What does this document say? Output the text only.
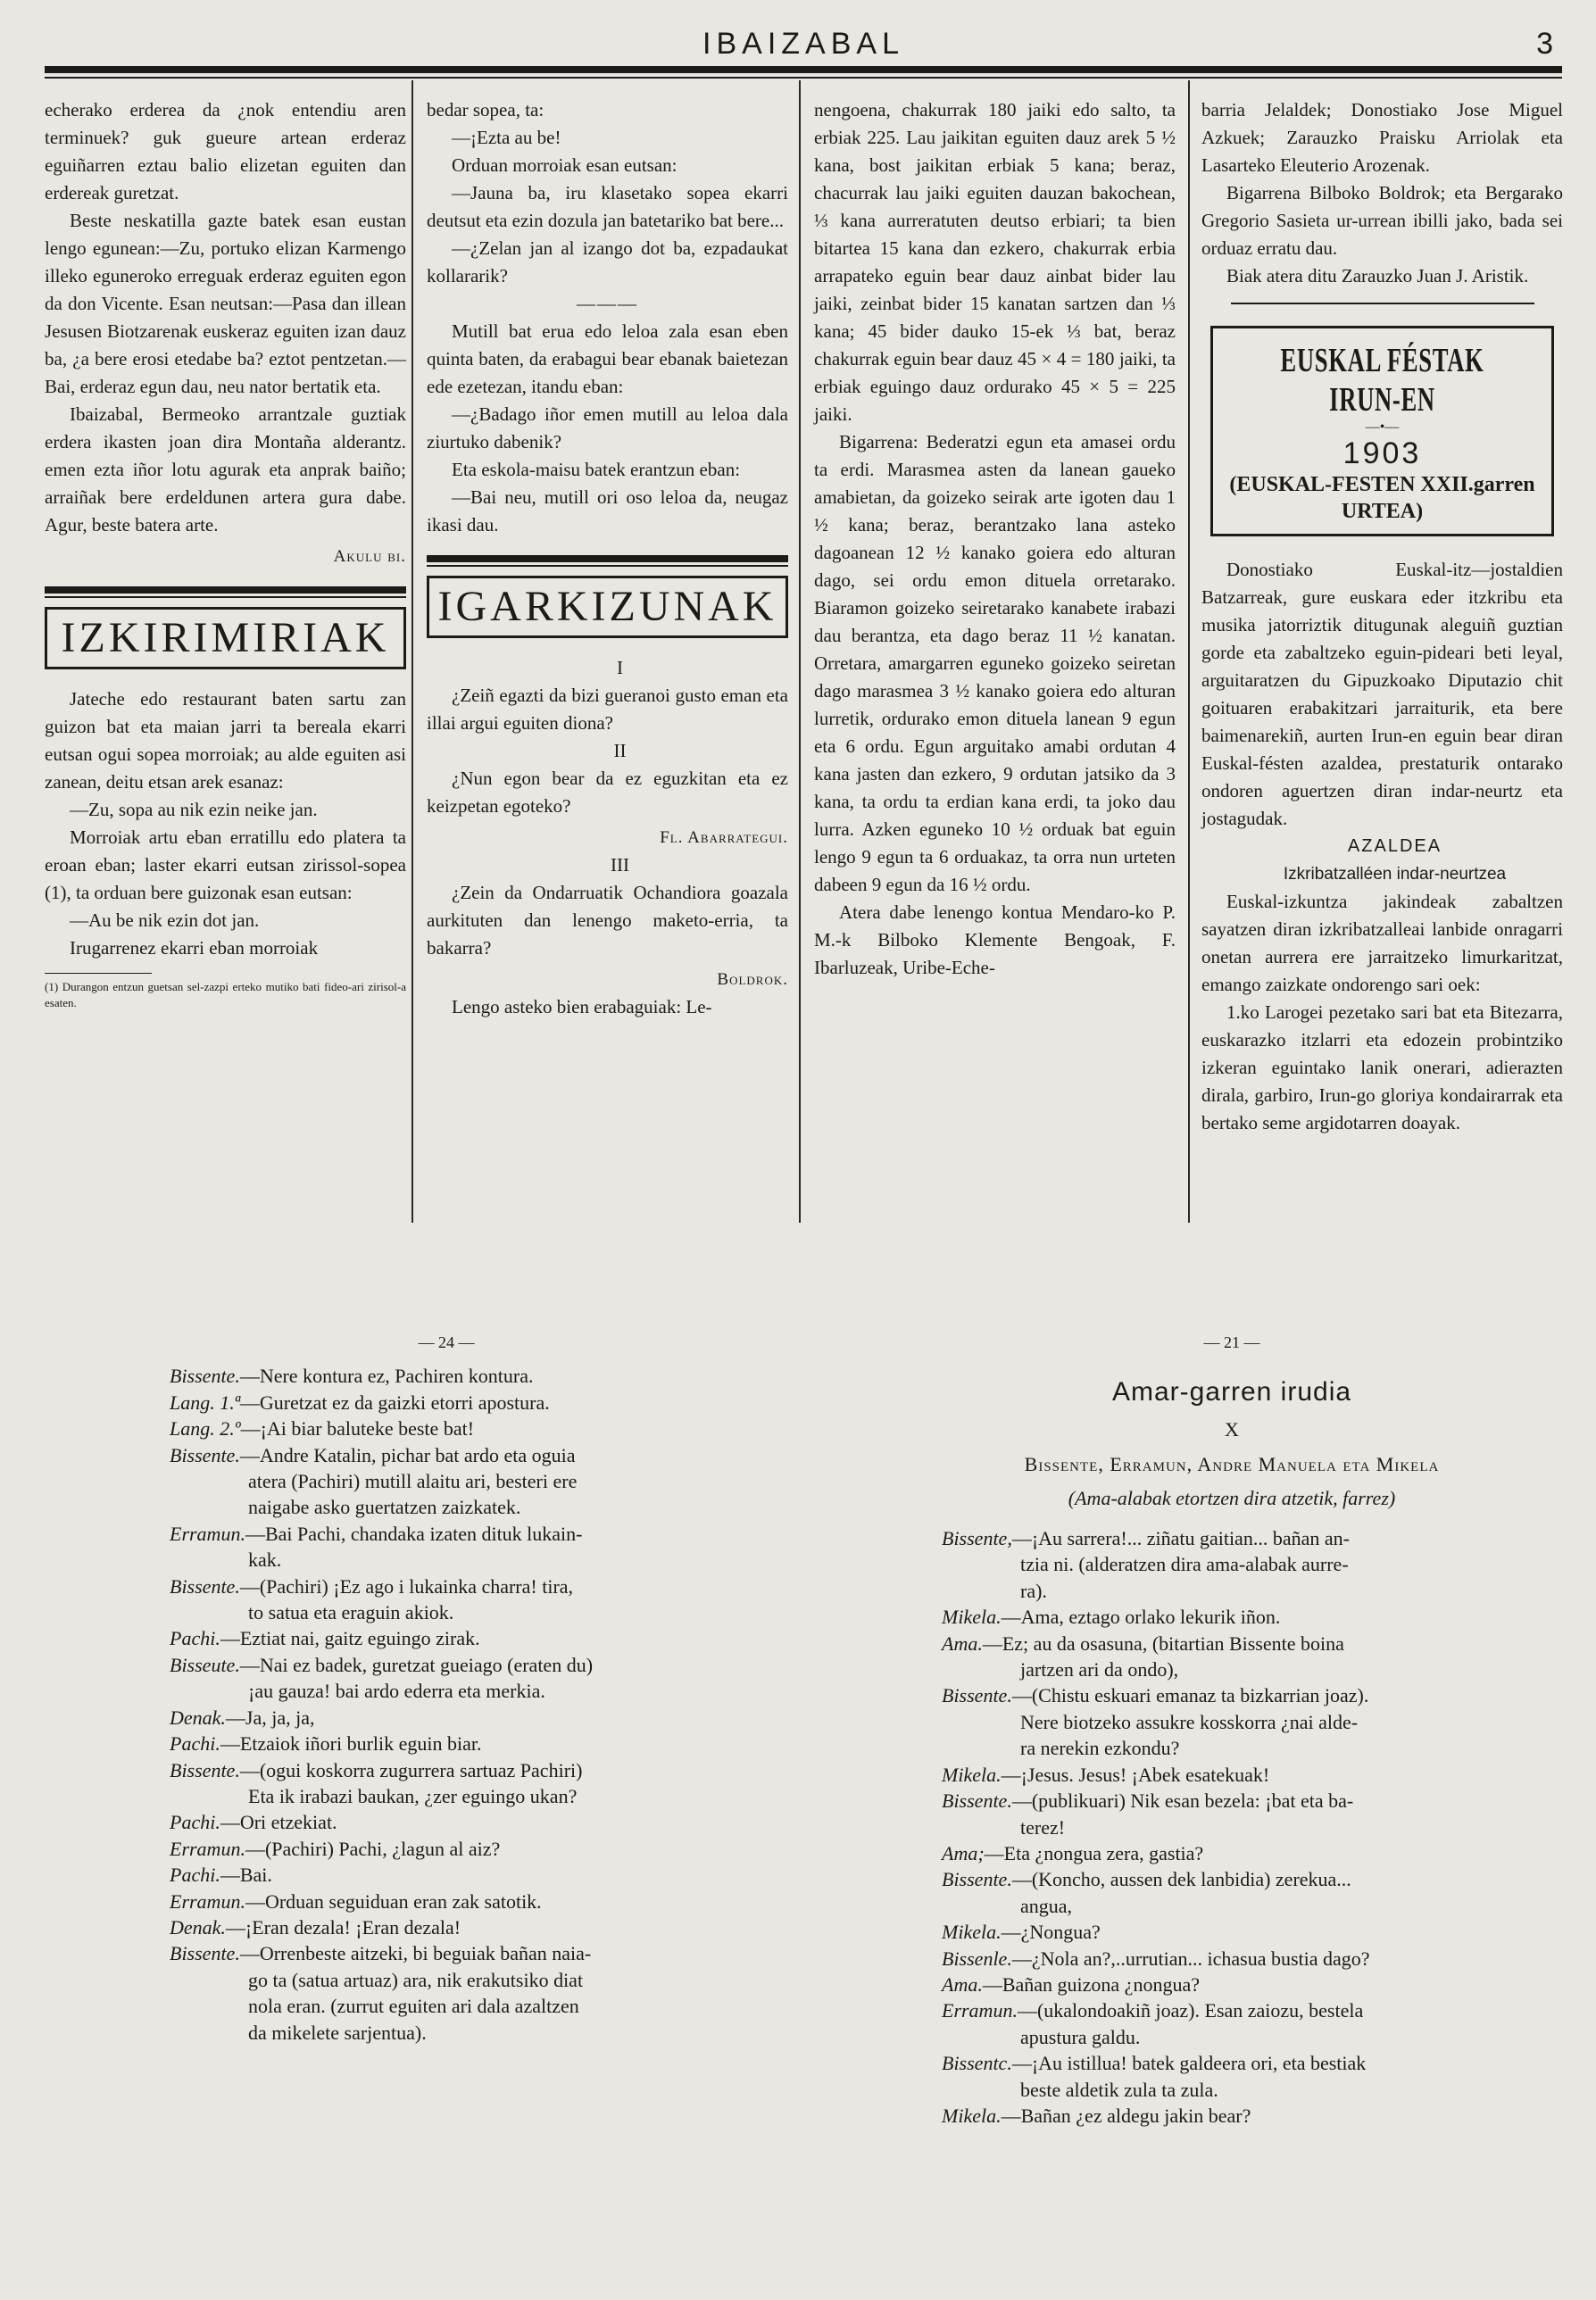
IBAIZABAL	3

echerako erderea da ¿nok entendiu aren terminuek? guk gueure artean erderaz eguiñarren eztau balio elizetan eguiten dan erdereak guretzat.

Beste neskatilla gazte batek esan eustan lengo egunean:—Zu, portuko elizan Karmengo illeko eguneroko erreguak erderaz eguiten egon da don Vicente. Esan neutsan:—Pasa dan illean Jesusen Biotzarenak euskeraz eguiten izan dauz ba, ¿a bere erosi etedabe ba? eztot pentzetan.—Bai, erderaz egun dau, neu nator bertatik eta.

Ibaizabal, Bermeoko arrantzale guztiak erdera ikasten joan dira Montaña alderantz. emen ezta iñor lotu agurak eta anprak baiño; arraiñak bere erdeldunen artera gura dabe. Agur, beste batera arte.

Akulu bi.
IZKIRIMIRIAK

Jateche edo restaurant baten sartu zan guizon bat eta maian jarri ta bereala ekarri eutsan ogui sopea morroiak; au alde eguiten asi zanean, deitu etsan arek esanaz:

—Zu, sopa au nik ezin neike jan.

Morroiak artu eban erratillu edo platera ta eroan eban; laster ekarri eutsan zirissol-sopea (1), ta orduan bere guizonak esan eutsan:

—Au be nik ezin dot jan.

Irugarrenez ekarri eban morroiak

(1) Durangon entzun guetsan sel-zazpi erteko mutiko bati fideo-ari zirisol-a esaten.

bedar sopea, ta:

—¡Ezta au be!

Orduan morroiak esan eutsan:

—Jauna ba, iru klasetako sopea ekarri deutsut eta ezin dozula jan batetariko bat bere...

—¿Zelan jan al izango dot ba, ezpadaukat kollararik?

———

Mutill bat erua edo leloa zala esan eben quinta baten, da erabagui bear ebanak baietezan ede ezetezan, itandu eban:

—¿Badago iñor emen mutill au leloa dala ziurtuko dabenik?

Eta eskola-maisu batek erantzun eban:

—Bai neu, mutill ori oso leloa da, neugaz ikasi dau.

IGARKIZUNAK

I

¿Zeiñ egazti da bizi gueranoi gusto eman eta illai argui eguiten diona?

II

¿Nun egon bear da ez eguzkitan eta ez keizpetan egoteko?

Fl. Abarrategui.

III

¿Zein da Ondarruatik Ochandiora goazala aurkituten dan lenengo maketo-erria, ta bakarra?

Boldrok.

Lengo asteko bien erabaguiak: Le-

nengoena, chakurrak 180 jaiki edo salto, ta erbiak 225. Lau jaikitan eguiten dauz arek 5 ½ kana, bost jaikitan erbiak 5 kana; beraz, chacurrak lau jaiki eguiten dauzan bakochean, ⅓ kana aurreratuten deutso erbiari; ta bien bitartea 15 kana dan ezkero, chakurrak erbia arrapateko eguin bear dauz ainbat bider lau jaiki, zeinbat bider 15 kanatan sartzen dan ⅓ kana; 45 bider dauko 15-ek ⅓ bat, beraz chakurrak eguin bear dauz 45 × 4 = 180 jaiki, ta erbiak eguingo dauz ordurako 45 × 5 = 225 jaiki.

Bigarrena: Bederatzi egun eta amasei ordu ta erdi. Marasmea asten da lanean gaueko amabietan, da goizeko seirak arte igoten dau 1 ½ kana; beraz, berantzako lana asteko dagoanean 12 ½ kanako goiera edo alturan dago, sei ordu emon dituela orretarako. Biaramon goizeko seiretarako kanabete irabazi dau berantza, eta dago beraz 11 ½ kanatan. Orretara, amargarren eguneko goizeko seiretan dago marasmea 3 ½ kanako goiera edo alturan lurretik, ordurako emon dituela lanean 9 egun eta 6 ordu. Egun arguitako amabi ordutan 4 kana jasten dan ezkero, 9 ordutan jatsiko da 3 kana, ta ordu ta erdian kana erdi, ta joko dau lurra. Azken eguneko 10 ½ orduak bat eguin lengo 9 egun ta 6 orduakaz, ta orra nun urteten dabeen 9 egun da 16 ½ ordu.

Atera dabe lenengo kontua Mendaro-ko P. M.-k Bilboko Klemente Bengoak, F. Ibarluzeak, Uribe-Eche-

barria Jelaldek; Donostiako Jose Miguel Azkuek; Zarauzko Praisku Arriolak eta Lasarteko Eleuterio Arozenak.

Bigarrena Bilboko Boldrok; eta Bergarako Gregorio Sasieta ur-urrean ibilli jako, bada sei orduaz erratu dau.

Biak atera ditu Zarauzko Juan J. Aristik.

EUSKAL FÉSTAK IRUN-EN
—•—
1903
(EUSKAL-FESTEN XXII.garren URTEA)

Donostiako Euskal-itz—jostaldien Batzarreak, gure euskara eder itzkribu eta musika jatorriztik ditugunak aleguiñ guztian gorde eta zabaltzeko eguin-pideari beti leyal, arguitaratzen du Gipuzkoako Diputazio chit goituaren erabakitzari jarraiturik, eta bere baimenarekiñ, aurten Irun-en eguin bear diran Euskal-fésten azaldea, prestaturik ontarako ondoren aguertzen diran indar-neurtz eta jostagudak.

AZALDEA

Izkribatzalléen indar-neurtzea

Euskal-izkuntza jakindeak zabaltzen sayatzen diran izkribatzalleai lanbide onragarri onetan aurrera ere jarraitzeko limurkaritzat, emango zaizkate ondorengo sari oek:

1.ko Larogei pezetako sari bat eta Bitezarra, euskarazko itzlarri eta edozein probintziko izkeran eguintako lanik onerari, adierazten dirala, garbiro, Irun-go gloriya kondairarrak eta bertako seme argidotarren doayak.

— 24 —
Bissente.—Nere kontura ez, Pachiren kontura.
Lang. 1.ª—Guretzat ez da gaizki etorri apostura.
Lang. 2.º—¡Ai biar baluteke beste bat!
Bissente.—Andre Katalin, pichar bat ardo eta oguia
atera (Pachiri) mutill alaitu ari, besteri ere
naigabe asko guertatzen zaizkatek.
Erramun.—Bai Pachi, chandaka izaten dituk lukain-
kak.
Bissente.—(Pachiri) ¡Ez ago i lukainka charra! tira,
to satua eta eraguin akiok.
Pachi.—Eztiat nai, gaitz eguingo zirak.
Bisseute.—Nai ez badek, guretzat gueiago (eraten du)
¡au gauza! bai ardo ederra eta merkia.
Denak.—Ja, ja, ja,
Pachi.—Etzaiok iñori burlik eguin biar.
Bissente.—(ogui koskorra zugurrera sartuaz Pachiri)
Eta ik irabazi baukan, ¿zer eguingo ukan?
Pachi.—Ori etzekiat.
Erramun.—(Pachiri) Pachi, ¿lagun al aiz?
Pachi.—Bai.
Erramun.—Orduan seguiduan eran zak satotik.
Denak.—¡Eran dezala! ¡Eran dezala!
Bissente.—Orrenbeste aitzeki, bi beguiak bañan naia-
go ta (satua artuaz) ara, nik erakutsiko diat
nola eran. (zurrut eguiten ari dala azaltzen
da mikelete sarjentua).
— 21 —
Amar-garren irudia
X
Bissente, Erramun, Andre Manuela eta Mikela
(Ama-alabak etortzen dira atzetik, farrez)
Bissente,—¡Au sarrera!... ziñatu gaitian... bañan an-
tzia ni. (alderatzen dira ama-alabak aurre-
ra).
Mikela.—Ama, eztago orlako lekurik iñon.
Ama.—Ez; au da osasuna, (bitartian Bissente boina
jartzen ari da ondo),
Bissente.—(Chistu eskuari emanaz ta bizkarrian joaz).
Nere biotzeko assukre kosskorra ¿nai alde-
ra nerekin ezkondu?
Mikela.—¡Jesus. Jesus! ¡Abek esatekuak!
Bissente.—(publikuari) Nik esan bezela: ¡bat eta ba-
terez!
Ama;—Eta ¿nongua zera, gastia?
Bissente.—(Koncho, aussen dek lanbidia) zerekua...
angua,
Mikela.—¿Nongua?
Bissenle.—¿Nola an?,..urrutian... ichasua bustia dago?
Ama.—Bañan guizona ¿nongua?
Erramun.—(ukalondoakiñ joaz). Esan zaiozu, bestela
apustura galdu.
Bissentc.—¡Au istillua! batek galdeera ori, eta bestiak
beste aldetik zula ta zula.
Mikela.—Bañan ¿ez aldegu jakin bear?
